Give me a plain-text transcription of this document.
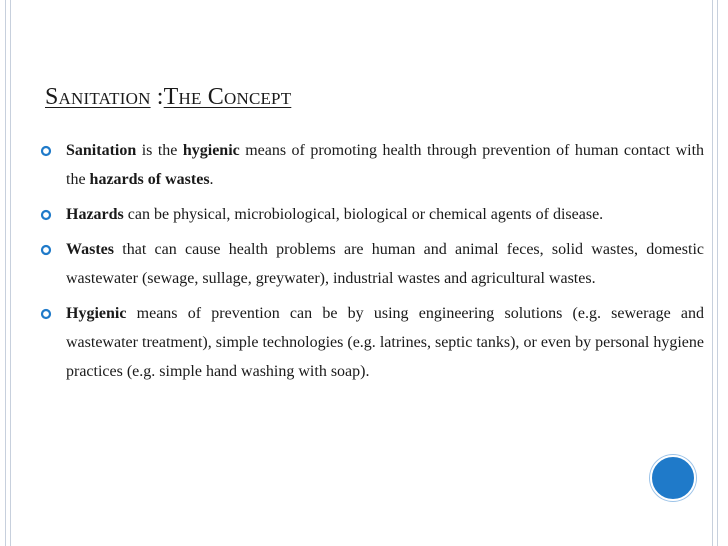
Sanitation :The Concept
Sanitation is the hygienic means of promoting health through prevention of human contact with the hazards of wastes.
Hazards can be physical, microbiological, biological or chemical agents of disease.
Wastes that can cause health problems are human and animal feces, solid wastes, domestic wastewater (sewage, sullage, greywater), industrial wastes and agricultural wastes.
Hygienic means of prevention can be by using engineering solutions (e.g. sewerage and wastewater treatment), simple technologies (e.g. latrines, septic tanks), or even by personal hygiene practices (e.g. simple hand washing with soap).
